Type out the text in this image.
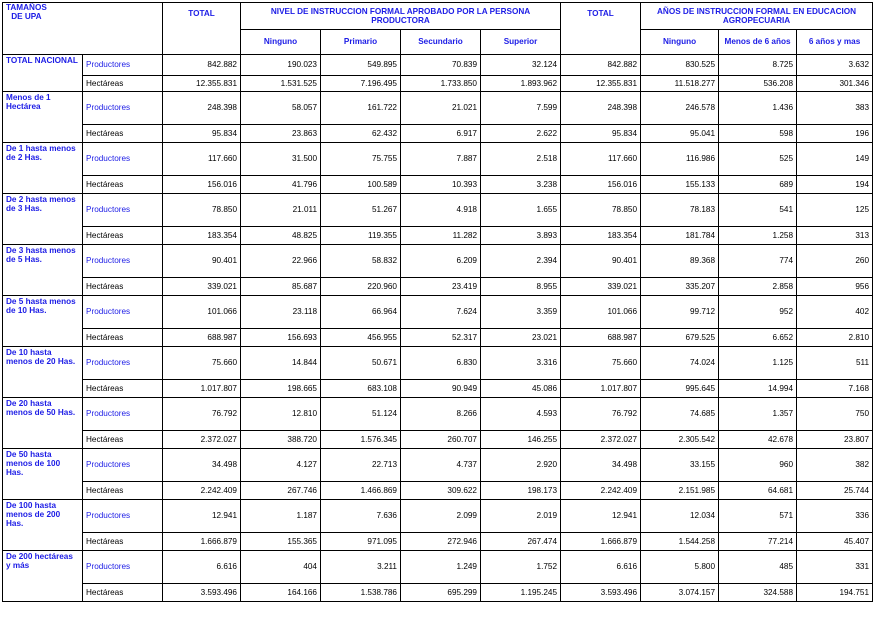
TAMAÑOS
DE UPA		TOTAL	NIVEL DE INSTRUCCION FORMAL APROBADO POR LA PERSONA PRODUCTORA				TOTAL	AÑOS DE INSTRUCCION FORMAL EN EDUCACION AGROPECUARIA		
			Ninguno	Primario	Secundario	Superior		Ninguno	Menos de 6 años	6 años y mas
TOTAL NACIONAL	Productores	842.882	190.023	549.895	70.839	32.124	842.882	830.525	8.725	3.632
	Hectáreas	12.355.831	1.531.525	7.196.495	1.733.850	1.893.962	12.355.831	11.518.277	536.208	301.346
Menos de 1 Hectárea	Productores	248.398	58.057	161.722	21.021	7.599	248.398	246.578	1.436	383
	Hectáreas	95.834	23.863	62.432	6.917	2.622	95.834	95.041	598	196
De 1 hasta menos de 2 Has.	Productores	117.660	31.500	75.755	7.887	2.518	117.660	116.986	525	149
	Hectáreas	156.016	41.796	100.589	10.393	3.238	156.016	155.133	689	194
De 2 hasta menos de 3 Has.	Productores	78.850	21.011	51.267	4.918	1.655	78.850	78.183	541	125
	Hectáreas	183.354	48.825	119.355	11.282	3.893	183.354	181.784	1.258	313
De 3 hasta menos de 5 Has.	Productores	90.401	22.966	58.832	6.209	2.394	90.401	89.368	774	260
	Hectáreas	339.021	85.687	220.960	23.419	8.955	339.021	335.207	2.858	956
De 5 hasta menos de 10 Has.	Productores	101.066	23.118	66.964	7.624	3.359	101.066	99.712	952	402
	Hectáreas	688.987	156.693	456.955	52.317	23.021	688.987	679.525	6.652	2.810
De 10 hasta menos de 20 Has.	Productores	75.660	14.844	50.671	6.830	3.316	75.660	74.024	1.125	511
	Hectáreas	1.017.807	198.665	683.108	90.949	45.086	1.017.807	995.645	14.994	7.168
De 20 hasta menos de 50 Has.	Productores	76.792	12.810	51.124	8.266	4.593	76.792	74.685	1.357	750
	Hectáreas	2.372.027	388.720	1.576.345	260.707	146.255	2.372.027	2.305.542	42.678	23.807
De 50 hasta menos de 100 Has.	Productores	34.498	4.127	22.713	4.737	2.920	34.498	33.155	960	382
	Hectáreas	2.242.409	267.746	1.466.869	309.622	198.173	2.242.409	2.151.985	64.681	25.744
De 100 hasta menos de 200 Has.	Productores	12.941	1.187	7.636	2.099	2.019	12.941	12.034	571	336
	Hectáreas	1.666.879	155.365	971.095	272.946	267.474	1.666.879	1.544.258	77.214	45.407
De 200 hectáreas y más	Productores	6.616	404	3.211	1.249	1.752	6.616	5.800	485	331
	Hectáreas	3.593.496	164.166	1.538.786	695.299	1.195.245	3.593.496	3.074.157	324.588	194.751
